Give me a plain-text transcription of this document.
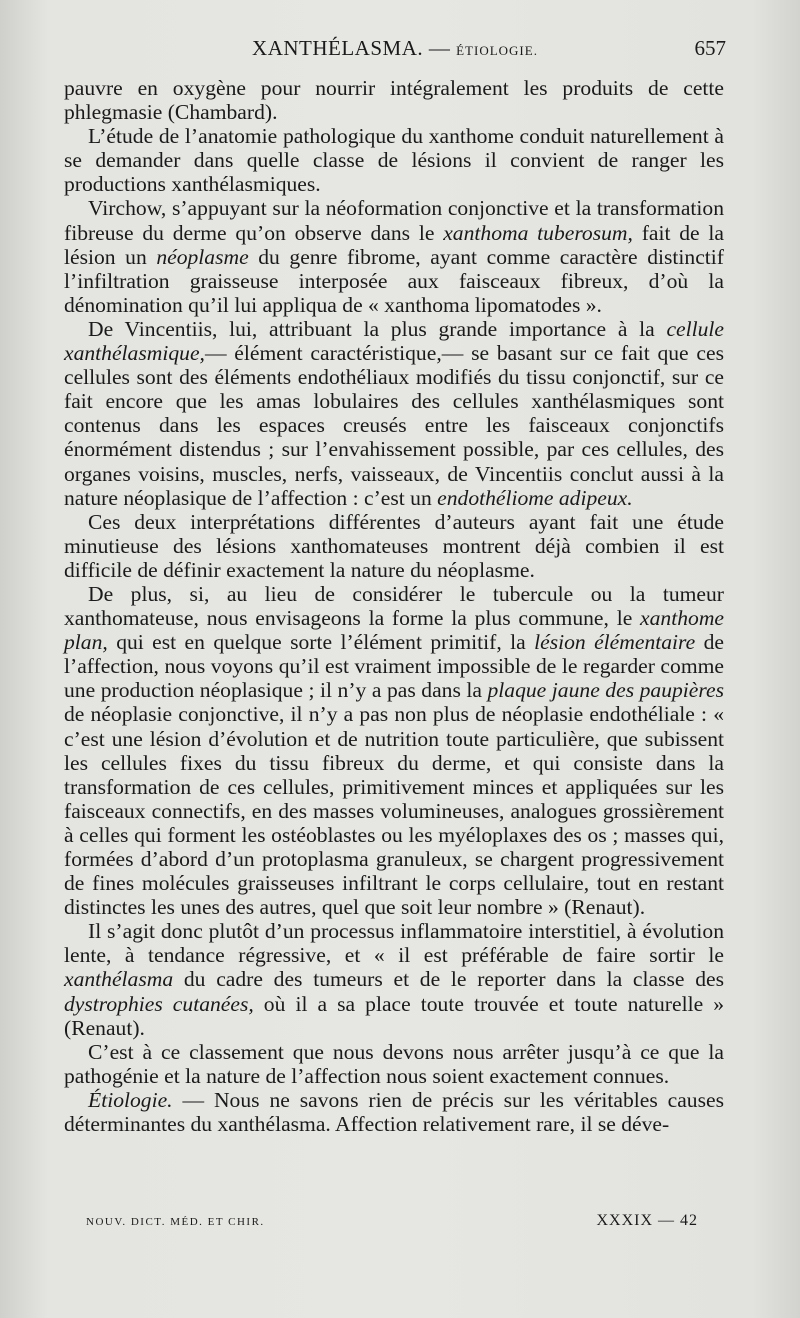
XANTHÉLASMA. — ÉTIOLOGIE.	657

pauvre en oxygène pour nourrir intégralement les produits de cette phlegmasie (Chambard).

L’étude de l’anatomie pathologique du xanthome conduit naturellement à se demander dans quelle classe de lésions il convient de ranger les productions xanthélasmiques.

Virchow, s’appuyant sur la néoformation conjonctive et la transformation fibreuse du derme qu’on observe dans le xanthoma tuberosum, fait de la lésion un néoplasme du genre fibrome, ayant comme caractère distinctif l’infiltration graisseuse interposée aux faisceaux fibreux, d’où la dénomination qu’il lui appliqua de « xanthoma lipomatodes ».

De Vincentiis, lui, attribuant la plus grande importance à la cellule xanthélasmique,— élément caractéristique,— se basant sur ce fait que ces cellules sont des éléments endothéliaux modifiés du tissu conjonctif, sur ce fait encore que les amas lobulaires des cellules xanthélasmiques sont contenus dans les espaces creusés entre les faisceaux conjonctifs énormément distendus ; sur l’envahissement possible, par ces cellules, des organes voisins, muscles, nerfs, vaisseaux, de Vincentiis conclut aussi à la nature néoplasique de l’affection : c’est un endothéliome adipeux.

Ces deux interprétations différentes d’auteurs ayant fait une étude minutieuse des lésions xanthomateuses montrent déjà combien il est difficile de définir exactement la nature du néoplasme.

De plus, si, au lieu de considérer le tubercule ou la tumeur xanthomateuse, nous envisageons la forme la plus commune, le xanthome plan, qui est en quelque sorte l’élément primitif, la lésion élémentaire de l’affection, nous voyons qu’il est vraiment impossible de le regarder comme une production néoplasique ; il n’y a pas dans la plaque jaune des paupières de néoplasie conjonctive, il n’y a pas non plus de néoplasie endothéliale : « c’est une lésion d’évolution et de nutrition toute particulière, que subissent les cellules fixes du tissu fibreux du derme, et qui consiste dans la transformation de ces cellules, primitivement minces et appliquées sur les faisceaux connectifs, en des masses volumineuses, analogues grossièrement à celles qui forment les ostéoblastes ou les myéloplaxes des os ; masses qui, formées d’abord d’un protoplasma granuleux, se chargent progressivement de fines molécules graisseuses infiltrant le corps cellulaire, tout en restant distinctes les unes des autres, quel que soit leur nombre » (Renaut).

Il s’agit donc plutôt d’un processus inflammatoire interstitiel, à évolution lente, à tendance régressive, et « il est préférable de faire sortir le xanthélasma du cadre des tumeurs et de le reporter dans la classe des dystrophies cutanées, où il a sa place toute trouvée et toute naturelle » (Renaut).

C’est à ce classement que nous devons nous arrêter jusqu’à ce que la pathogénie et la nature de l’affection nous soient exactement connues.

Étiologie. — Nous ne savons rien de précis sur les véritables causes déterminantes du xanthélasma. Affection relativement rare, il se déve-

NOUV. DICT. MÉD. ET CHIR.	XXXIX — 42
